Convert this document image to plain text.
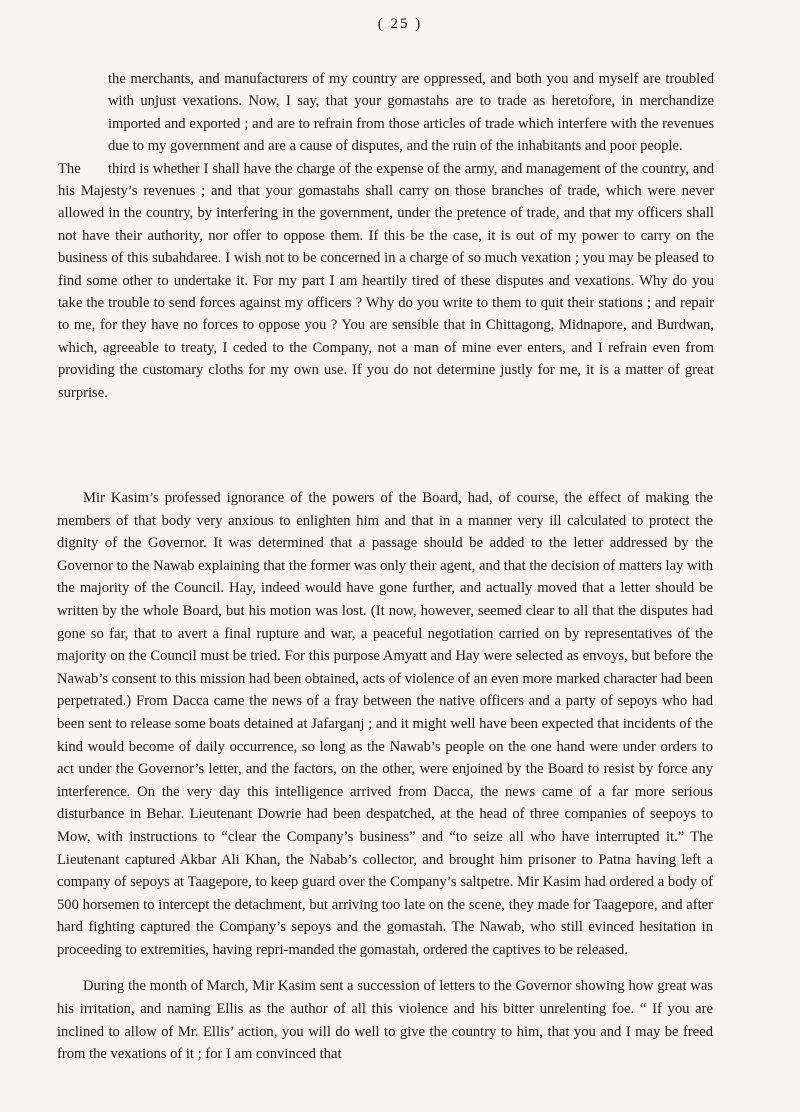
( 25 )

the merchants, and manufacturers of my country are oppressed, and both you and myself are troubled with unjust vexations. Now, I say, that your gomastahs are to trade as heretofore, in merchandize imported and exported ; and are to refrain from those articles of trade which interfere with the revenues due to my government and are a cause of disputes, and the ruin of the inhabitants and poor people.

The third is whether I shall have the charge of the expense of the army, and management of the country, and his Majesty’s revenues ; and that your gomastahs shall carry on those branches of trade, which were never allowed in the country, by interfering in the government, under the pretence of trade, and that my officers shall not have their authority, nor offer to oppose them. If this be the case, it is out of my power to carry on the business of this subahdaree. I wish not to be concerned in a charge of so much vexation ; you may be pleased to find some other to undertake it. For my part I am heartily tired of these disputes and vexations. Why do you take the trouble to send forces against my officers ? Why do you write to them to quit their stations ; and repair to me, for they have no forces to oppose you ? You are sensible that in Chittagong, Midnapore, and Burdwan, which, agreeable to treaty, I ceded to the Company, not a man of mine ever enters, and I refrain even from providing the customary cloths for my own use. If you do not determine justly for me, it is a matter of great surprise.

Mir Kasim’s professed ignorance of the powers of the Board, had, of course, the effect of making the members of that body very anxious to enlighten him and that in a manner very ill calculated to protect the dignity of the Governor. It was determined that a passage should be added to the letter addressed by the Governor to the Nawab explaining that the former was only their agent, and that the decision of matters lay with the majority of the Council. Hay, indeed would have gone further, and actually moved that a letter should be written by the whole Board, but his motion was lost. (It now, however, seemed clear to all that the disputes had gone so far, that to avert a final rupture and war, a peaceful negotiation carried on by representatives of the majority on the Council must be tried. For this purpose Amyatt and Hay were selected as envoys, but before the Nawab’s consent to this mission had been obtained, acts of violence of an even more marked character had been perpetrated.) From Dacca came the news of a fray between the native officers and a party of sepoys who had been sent to release some boats detained at Jafarganj ; and it might well have been expected that incidents of the kind would become of daily occurrence, so long as the Nawab’s people on the one hand were under orders to act under the Governor’s letter, and the factors, on the other, were enjoined by the Board to resist by force any interference. On the very day this intelligence arrived from Dacca, the news came of a far more serious disturbance in Behar. Lieutenant Dowrie had been despatched, at the head of three companies of seepoys to Mow, with instructions to “clear the Company’s business” and “to seize all who have interrupted it.” The Lieutenant captured Akbar Ali Khan, the Nabab’s collector, and brought him prisoner to Patna having left a company of sepoys at Taagepore, to keep guard over the Company’s saltpetre. Mir Kasim had ordered a body of 500 horsemen to intercept the detachment, but arriving too late on the scene, they made for Taagepore, and after hard fighting captured the Company’s sepoys and the gomastah. The Nawab, who still evinced hesitation in proceeding to extremities, having repri-manded the gomastah, ordered the captives to be released.

During the month of March, Mir Kasim sent a succession of letters to the Governor showing how great was his irritation, and naming Ellis as the author of all this violence and his bitter unrelenting foe. “ If you are inclined to allow of Mr. Ellis’ action, you will do well to give the country to him, that you and I may be freed from the vexations of it ; for I am convinced that
